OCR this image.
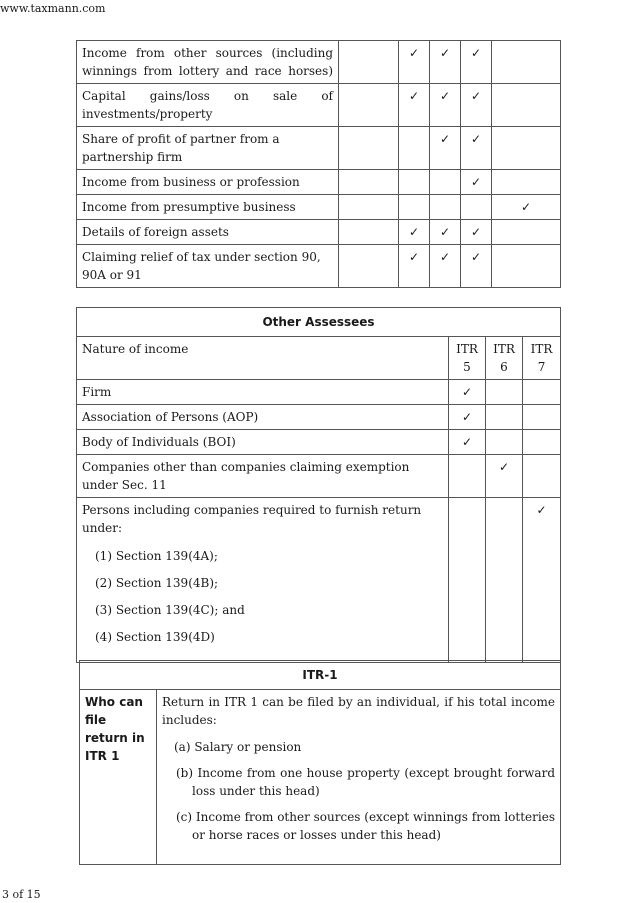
www.taxmann.com
Income from other sources (including winnings from lottery and race horses)		✓	✓	✓	
Capital gains/loss on sale of investments/property		✓	✓	✓	
Share of profit of partner from a partnership firm			✓	✓	
Income from business or profession				✓	
Income from presumptive business					✓
Details of foreign assets		✓	✓	✓	
Claiming relief of tax under section 90, 90A or 91		✓	✓	✓	
Other Assessees			
Nature of income	ITR 5	ITR 6	ITR 7
Firm	✓		
Association of Persons (AOP)	✓		
Body of Individuals (BOI)	✓		
Companies other than companies claiming exemption under Sec. 11		✓	

Persons including companies required to furnish return under:
(1) Section 139(4A);
(2) Section 139(4B);
(3) Section 139(4C); and
(4) Section 139(4D)			✓
ITR-1
Who can file return in ITR 1	
Return in ITR 1 can be filed by an individual, if his total income includes:
(a) Salary or pension
(b) Income from one house property (except brought forward loss under this head)
(c) Income from other sources (except winnings from lotteries or horse races or losses under this head)
3 of 15
